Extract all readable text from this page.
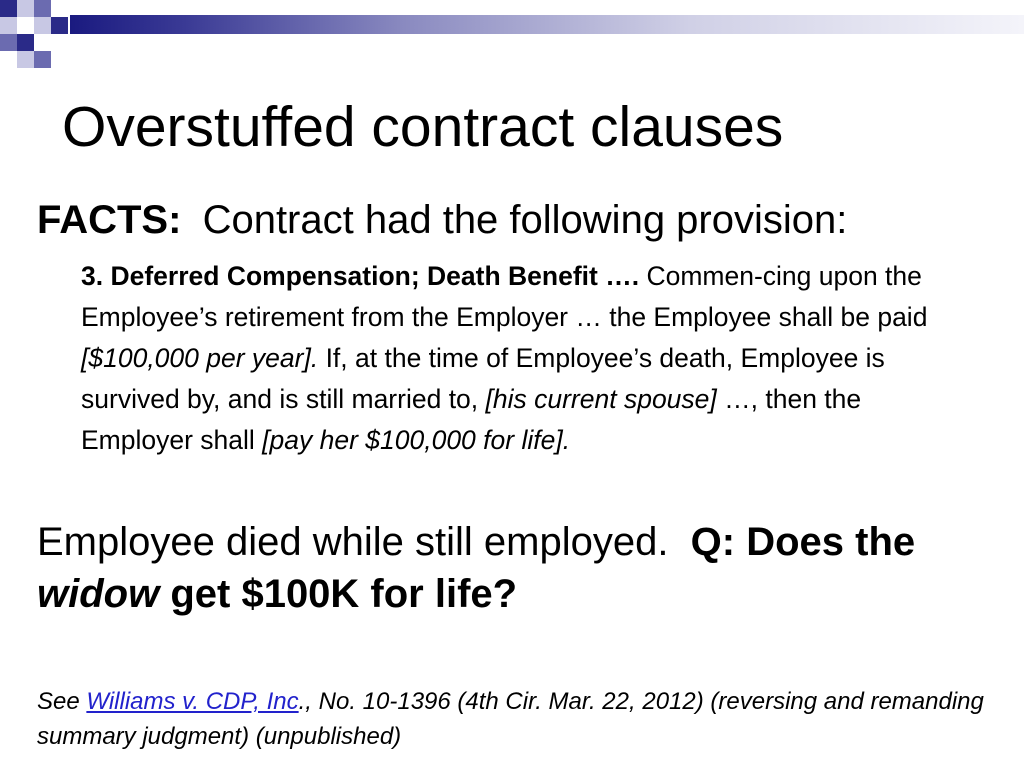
Overstuffed contract clauses
FACTS: Contract had the following provision:
3. Deferred Compensation; Death Benefit …. Commen-cing upon the Employee’s retirement from the Employer … the Employee shall be paid [$100,000 per year]. If, at the time of Employee’s death, Employee is survived by, and is still married to, [his current spouse] …, then the Employer shall [pay her $100,000 for life].
Employee died while still employed. Q: Does the widow get $100K for life?
See Williams v. CDP, Inc., No. 10-1396 (4th Cir. Mar. 22, 2012) (reversing and remanding summary judgment) (unpublished)
